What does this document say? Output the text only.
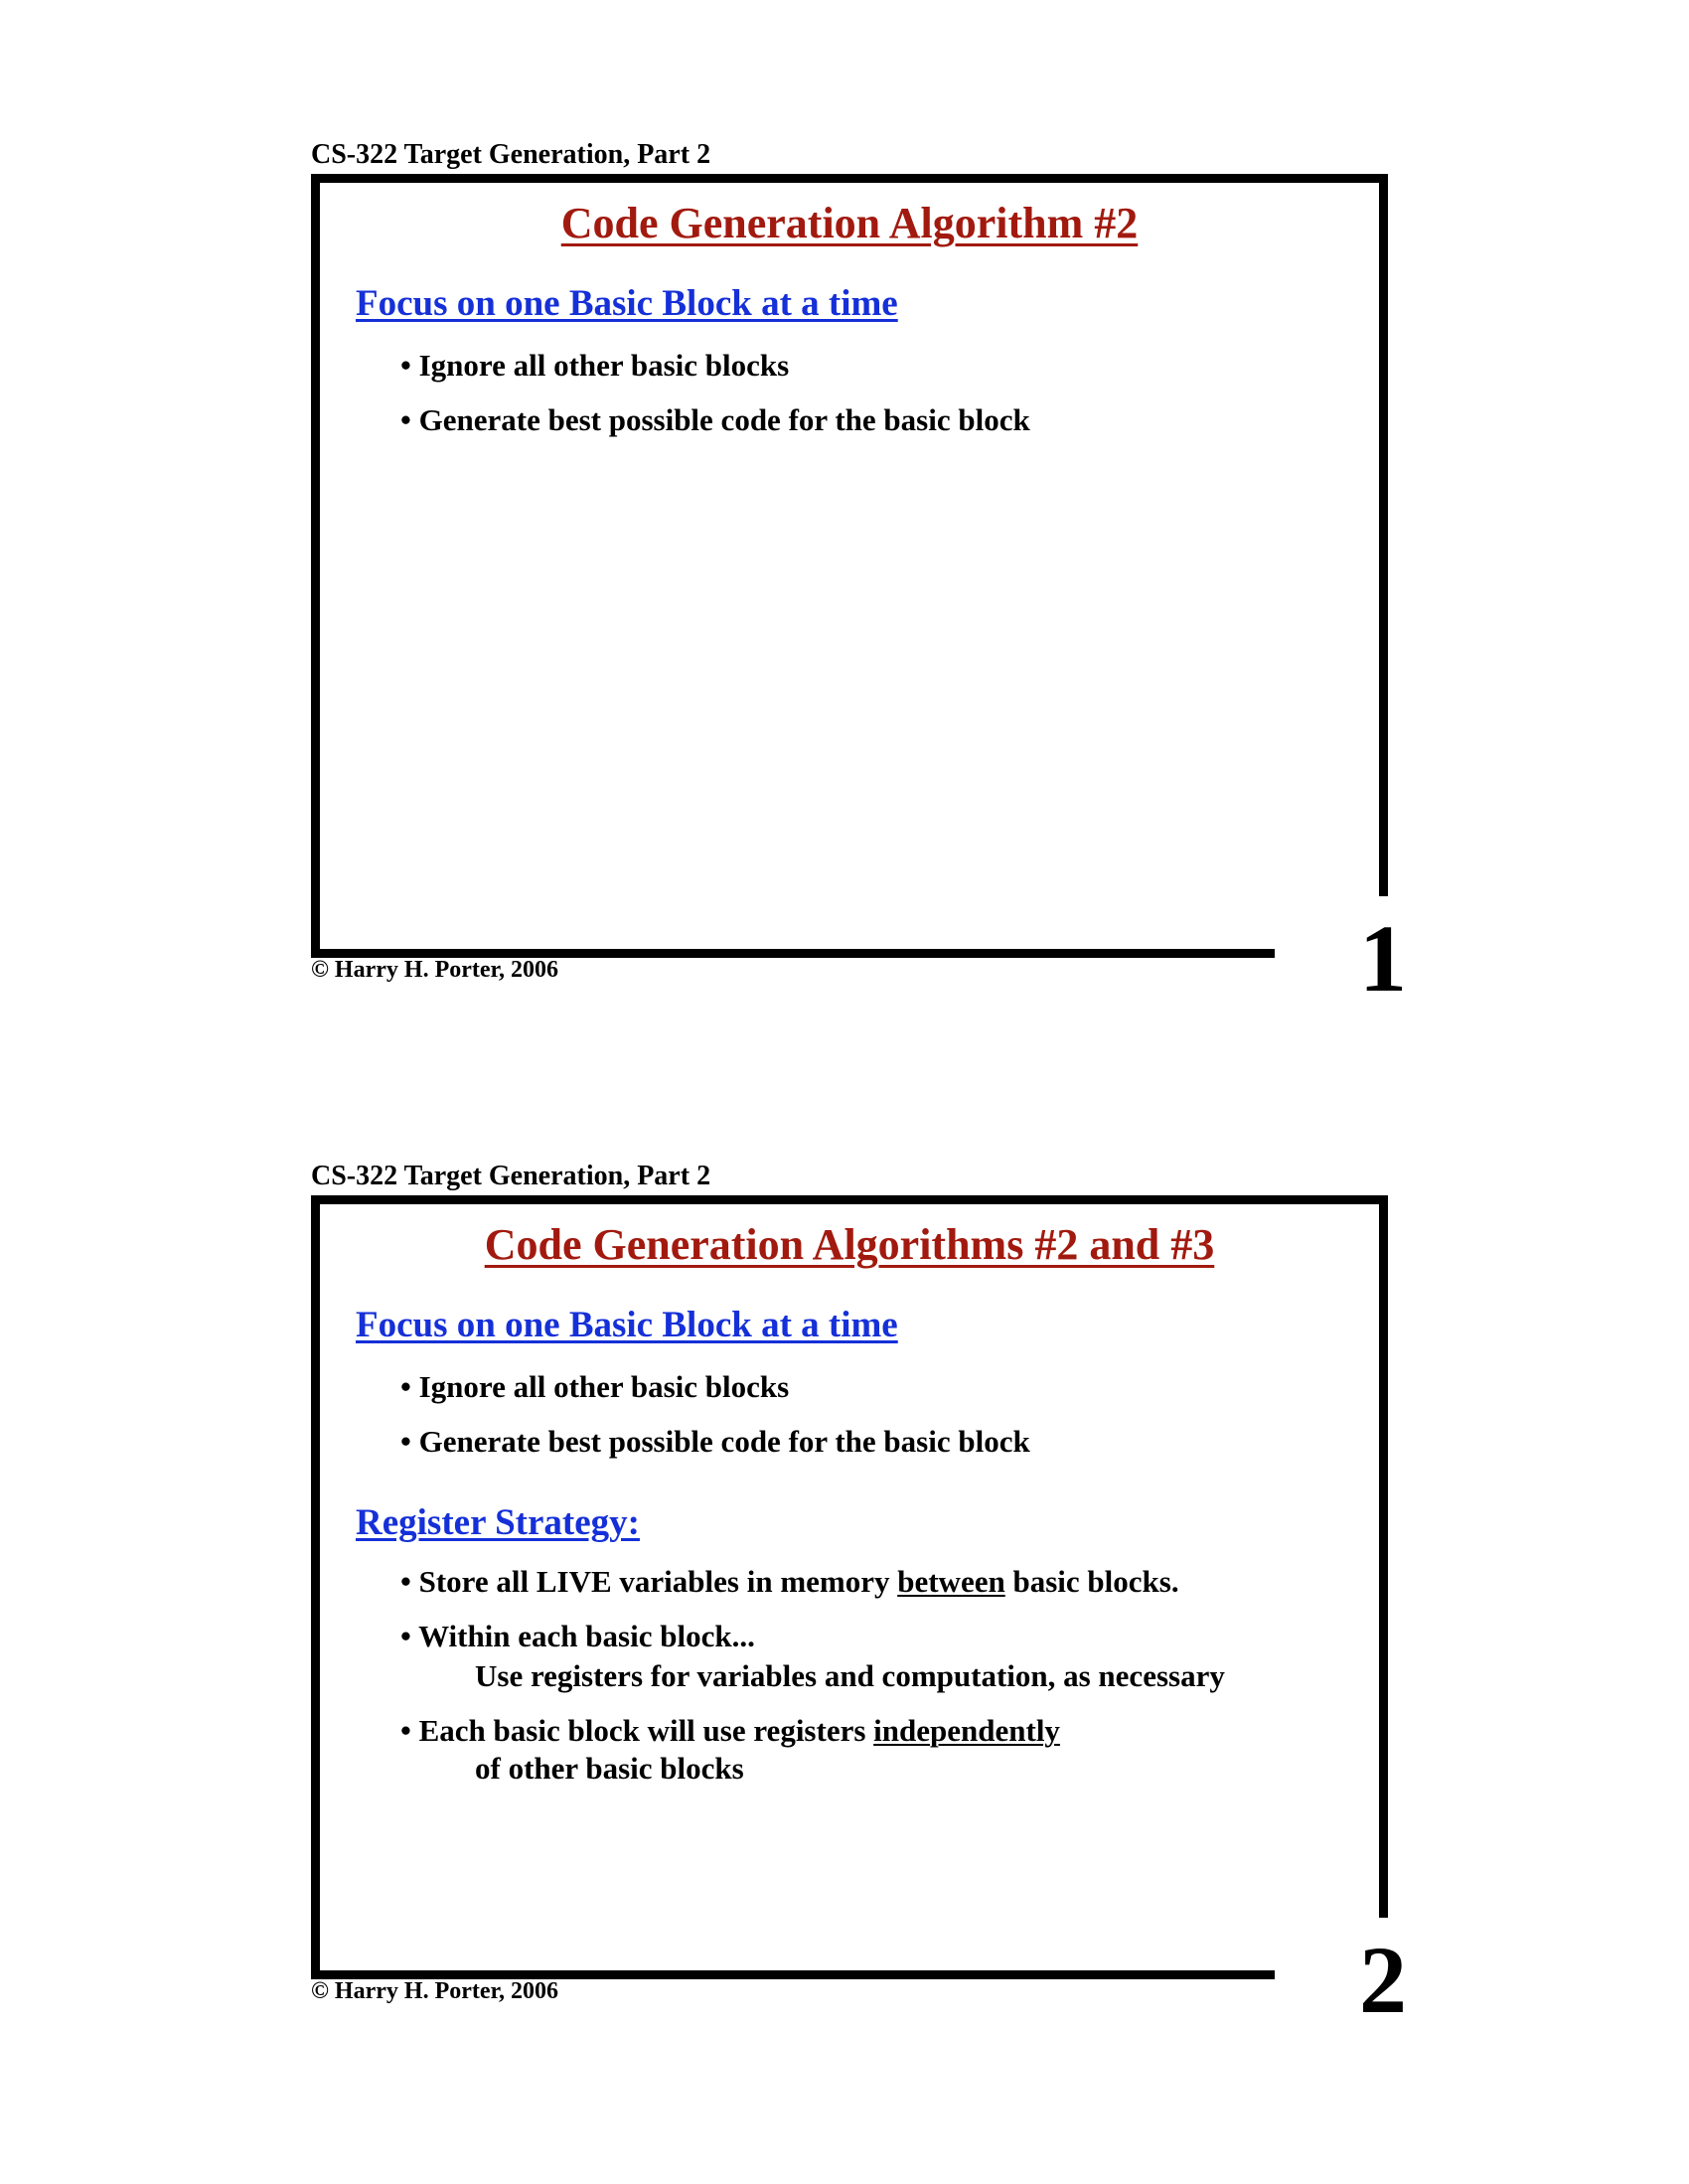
CS-322 Target Generation, Part 2
Code Generation Algorithm #2
Focus on one Basic Block at a time
• Ignore all other basic blocks
• Generate best possible code for the basic block
© Harry H. Porter, 2006	1
CS-322 Target Generation, Part 2
Code Generation Algorithms #2 and #3
Focus on one Basic Block at a time
• Ignore all other basic blocks
• Generate best possible code for the basic block
Register Strategy:
• Store all LIVE variables in memory between basic blocks.
• Within each basic block...
Use registers for variables and computation, as necessary
• Each basic block will use registers independently
of other basic blocks
© Harry H. Porter, 2006	2
